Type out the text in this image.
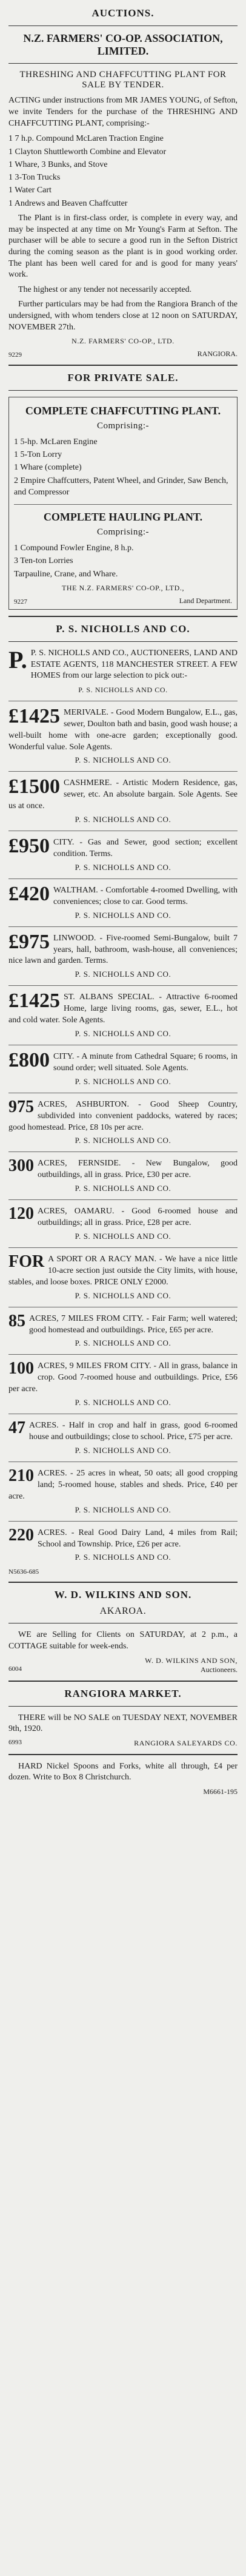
AUCTIONS.
N.Z. FARMERS' CO-OP. ASSOCIATION, LIMITED.
THRESHING AND CHAFFCUTTING PLANT FOR SALE BY TENDER.
ACTING under instructions from MR JAMES YOUNG, of Sefton, we invite Tenders for the purchase of the THRESHING AND CHAFFCUTTING PLANT, comprising:-
1 7 h.p. Compound McLaren Traction Engine
1 Clayton Shuttleworth Combine and Elevator
1 Whare, 3 Bunks, and Stove
1 3-Ton Trucks
1 Water Cart
1 Andrews and Beaven Chaffcutter
The Plant is in first-class order, is complete in every way, and may be inspected at any time on Mr Young's Farm at Sefton. The purchaser will be able to secure a good run in the Sefton District during the coming season as the plant is in good working order. The plant has been well cared for and is good for many years' work.
The highest or any tender not necessarily accepted.
Further particulars may be had from the Rangiora Branch of the undersigned, with whom tenders close at 12 noon on SATURDAY, NOVEMBER 27th.
N.Z. FARMERS' CO-OP., LTD.
9229	RANGIORA.
FOR PRIVATE SALE.
COMPLETE CHAFFCUTTING PLANT.
Comprising:-
1 5-hp. McLaren Engine
1 5-Ton Lorry
1 Whare (complete)
2 Empire Chaffcutters, Patent Wheel, and Grinder, Saw Bench, and Compressor
COMPLETE HAULING PLANT.
Comprising:-
1 Compound Fowler Engine, 8 h.p.
3 Ten-ton Lorries
Tarpauline, Crane, and Whare.
THE N.Z. FARMERS' CO-OP., LTD.,
9227	Land Department.
P. S. NICHOLLS AND CO.
P. P. S. NICHOLLS AND CO., AUCTIONEERS, LAND AND ESTATE AGENTS, 118 MANCHESTER STREET. A FEW HOMES from our large selection to pick out:-
P. S. NICHOLLS AND CO.
£1425 MERIVALE. - Good Modern Bungalow, E.L., gas, sewer, Doulton bath and basin, good wash house; a well-built home with one-acre garden; exceptionally good. Wonderful value. Sole Agents.
P. S. NICHOLLS AND CO.
£1500 CASHMERE. - Artistic Modern Residence, gas, sewer, etc. An absolute bargain. Sole Agents. See us at once.
P. S. NICHOLLS AND CO.
£950 CITY. - Gas and Sewer, good section; excellent condition. Terms.
P. S. NICHOLLS AND CO.
£420 WALTHAM. - Comfortable 4-roomed Dwelling, with conveniences; close to car. Good terms.
P. S. NICHOLLS AND CO.
£975 LINWOOD. - Five-roomed Semi-Bungalow, built 7 years, hall, bathroom, wash-house, all conveniences; nice lawn and garden. Terms.
P. S. NICHOLLS AND CO.
£1425 ST. ALBANS SPECIAL. - Attractive 6-roomed Home, large living rooms, gas, sewer, E.L., hot and cold water. Sole Agents.
P. S. NICHOLLS AND CO.
£800 CITY. - A minute from Cathedral Square; 6 rooms, in sound order; well situated. Sole Agents.
P. S. NICHOLLS AND CO.
975 ACRES, ASHBURTON. - Good Sheep Country, subdivided into convenient paddocks, watered by races; good homestead. Price, £8 10s per acre.
P. S. NICHOLLS AND CO.
300 ACRES, FERNSIDE. - New Bungalow, good outbuildings, all in grass. Price, £30 per acre.
P. S. NICHOLLS AND CO.
120 ACRES, OAMARU. - Good 6-roomed house and outbuildings; all in grass. Price, £28 per acre.
P. S. NICHOLLS AND CO.
FOR A SPORT OR A RACY MAN. - We have a nice little 10-acre section just outside the City limits, with house, stables, and loose boxes. PRICE ONLY £2000.
P. S. NICHOLLS AND CO.
85 ACRES, 7 MILES FROM CITY. - Fair Farm; well watered; good homestead and outbuildings. Price, £65 per acre.
P. S. NICHOLLS AND CO.
100 ACRES, 9 MILES FROM CITY. - All in grass, balance in crop. Good 7-roomed house and outbuildings. Price, £56 per acre.
P. S. NICHOLLS AND CO.
47 ACRES. - Half in crop and half in grass, good 6-roomed house and outbuildings; close to school. Price, £75 per acre.
P. S. NICHOLLS AND CO.
210 ACRES. - 25 acres in wheat, 50 oats; all good cropping land; 5-roomed house, stables and sheds. Price, £40 per acre.
P. S. NICHOLLS AND CO.
220 ACRES. - Real Good Dairy Land, 4 miles from Rail; School and Township. Price, £26 per acre.
P. S. NICHOLLS AND CO.
N5636-685
W. D. WILKINS AND SON.
AKAROA.
WE are Selling for Clients on SATURDAY, at 2 p.m., a COTTAGE suitable for week-ends.
W. D. WILKINS AND SON,
6004	Auctioneers.
RANGIORA MARKET.
THERE will be NO SALE on TUESDAY NEXT, NOVEMBER 9th, 1920.
6993	RANGIORA SALEYARDS CO.
HARD Nickel Spoons and Forks, white all through, £4 per dozen. Write to Box 8 Christchurch.
M6661-195
